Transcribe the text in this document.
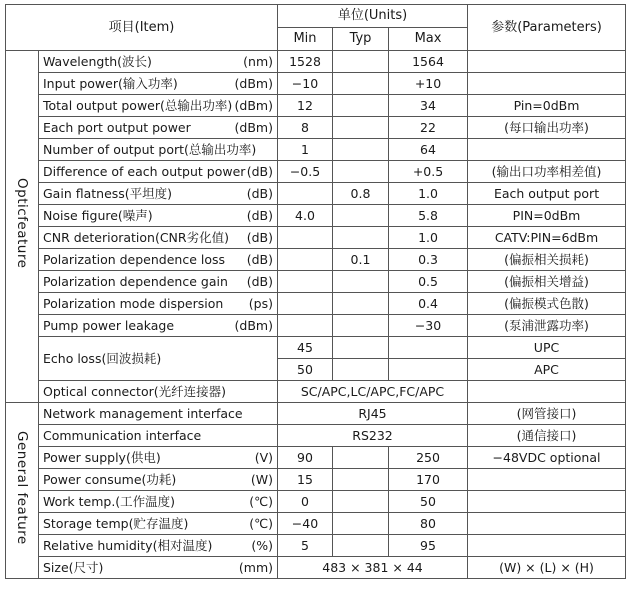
项目(Item)		单位(Units)			参数(Parameters)
		Min	Typ	Max	
Opticfeature	Wavelength(波长) (nm)	1528		1564	
	Input power(输入功率) (dBm)	−10		+10	
	Total output power(总输出功率) (dBm)	12		34	Pin=0dBm
	Each port output power (dBm)	8		22	(每口输出功率)
	Number of output port(总输出功率)	1		64	
	Difference of each output power (dB)	−0.5		+0.5	(输出口功率相差值)
	Gain flatness(平坦度) (dB)		0.8	1.0	Each output port
	Noise figure(噪声) (dB)	4.0		5.8	PIN=0dBm
	CNR deterioration(CNR劣化值) (dB)			1.0	CATV:PIN=6dBm
	Polarization dependence loss (dB)		0.1	0.3	(偏振相关损耗)
	Polarization dependence gain (dB)			0.5	(偏振相关增益)
	Polarization mode dispersion (ps)			0.4	(偏振模式色散)
	Pump power leakage (dBm)			−30	(泵浦泄露功率)
	Echo loss(回波损耗)	45			UPC
		50			APC
	Optical connector(光纤连接器)	SC/APC,LC/APC,FC/APC			
General feature	Network management interface	RJ45			(网管接口)
	Communication interface	RS232			(通信接口)
	Power supply(供电) (V)	90		250	−48VDC optional
	Power consume(功耗) (W)	15		170	
	Work temp.(工作温度) (℃)	0		50	
	Storage temp(贮存温度) (℃)	−40		80	
	Relative humidity(相对温度) (%)	5		95	
	Size(尺寸) (mm)	483 × 381 × 44			(W) × (L) × (H)
